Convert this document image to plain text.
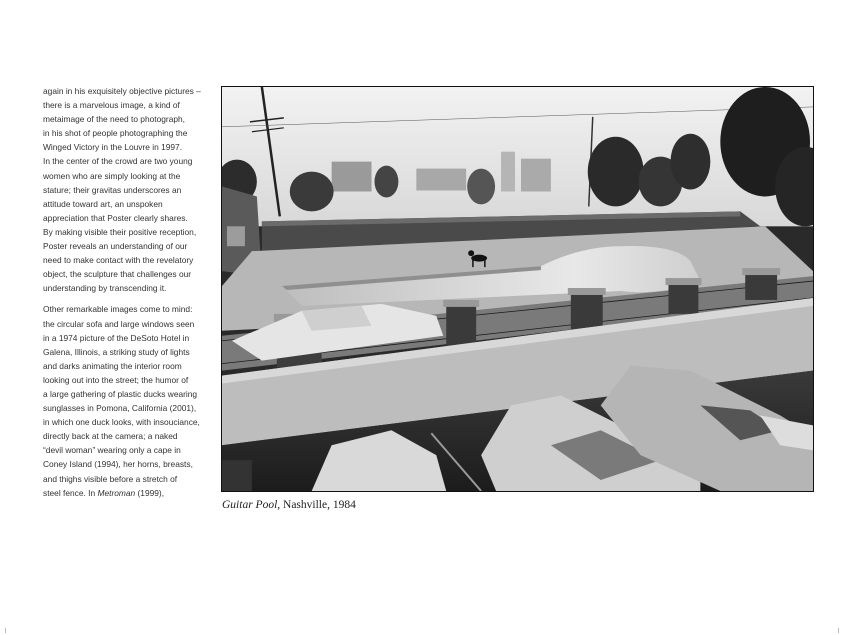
again in his exquisitely objective pictures –
there is a marvelous image, a kind of
metaimage of the need to photograph,
in his shot of people photographing the
Winged Victory in the Louvre in 1997.
In the center of the crowd are two young
women who are simply looking at the
stature; their gravitas underscores an
attitude toward art, an unspoken
appreciation that Poster clearly shares.
By making visible their positive reception,
Poster reveals an understanding of our
need to make contact with the revelatory
object, the sculpture that challenges our
understanding by transcending it.

Other remarkable images come to mind:
the circular sofa and large windows seen
in a 1974 picture of the DeSoto Hotel in
Galena, Illinois, a striking study of lights
and darks animating the interior room
looking out into the street; the humor of
a large gathering of plastic ducks wearing
sunglasses in Pomona, California (2001),
in which one duck looks, with insouciance,
directly back at the camera; a naked
“devil woman” wearing only a cape in
Coney Island (1994), her horns, breasts,
and thighs visible before a stretch of
steel fence. In Metroman (1999),

Guitar Pool, Nashville, 1984
